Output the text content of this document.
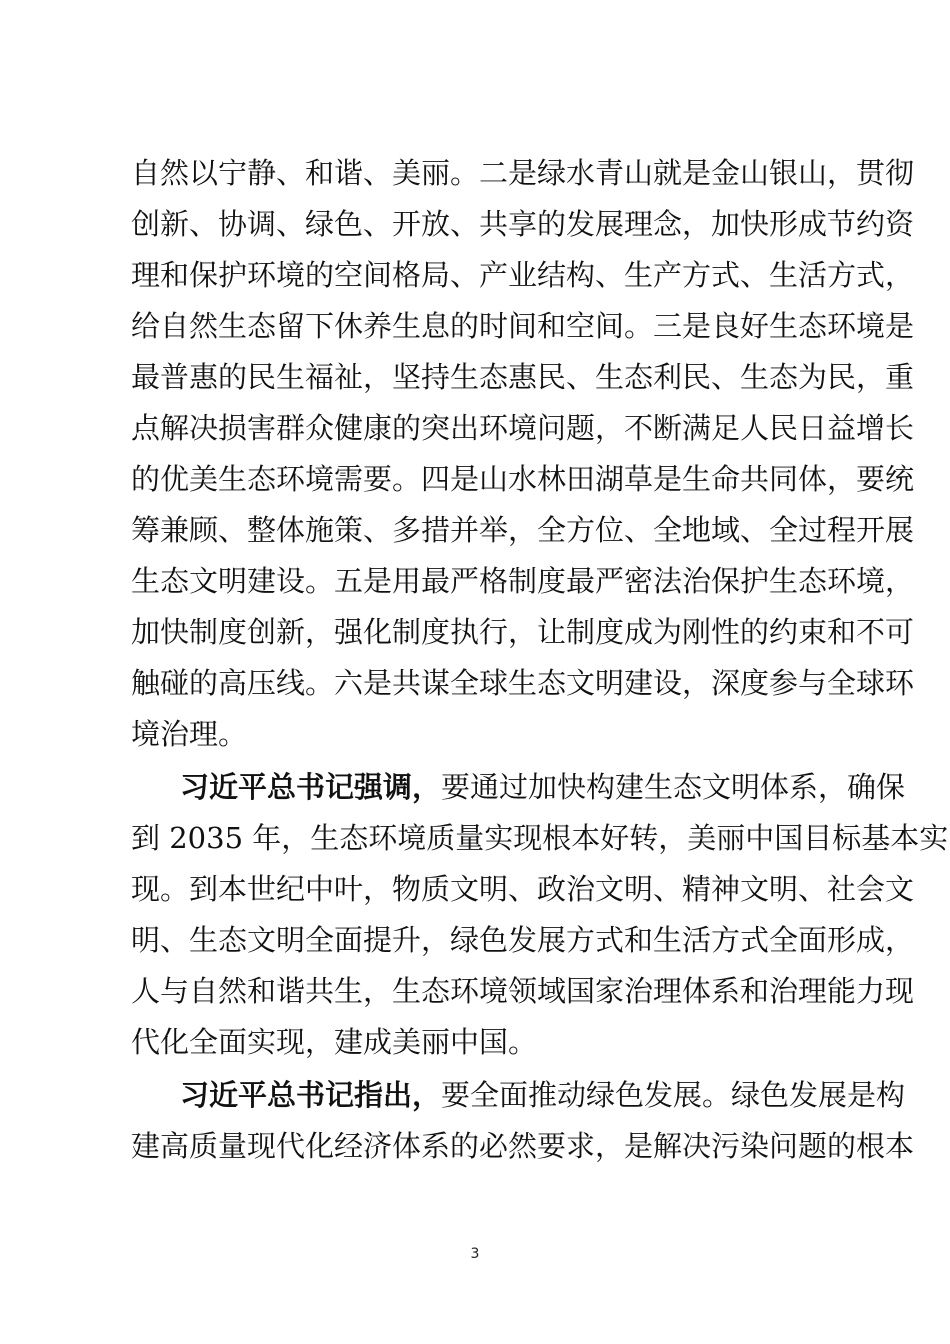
自然以宁静、和谐、美丽。二是绿水青山就是金山银山，贯彻
创新、协调、绿色、开放、共享的发展理念，加快形成节约资
理和保护环境的空间格局、产业结构、生产方式、生活方式，
给自然生态留下休养生息的时间和空间。三是良好生态环境是
最普惠的民生福祉，坚持生态惠民、生态利民、生态为民，重
点解决损害群众健康的突出环境问题，不断满足人民日益增长
的优美生态环境需要。四是山水林田湖草是生命共同体，要统
筹兼顾、整体施策、多措并举，全方位、全地域、全过程开展
生态文明建设。五是用最严格制度最严密法治保护生态环境，
加快制度创新，强化制度执行，让制度成为刚性的约束和不可
触碰的高压线。六是共谋全球生态文明建设，深度参与全球环
境治理。
习近平总书记强调，要通过加快构建生态文明体系，确保
到 2035 年，生态环境质量实现根本好转，美丽中国目标基本实
现。到本世纪中叶，物质文明、政治文明、精神文明、社会文
明、生态文明全面提升，绿色发展方式和生活方式全面形成，
人与自然和谐共生，生态环境领域国家治理体系和治理能力现
代化全面实现，建成美丽中国。
习近平总书记指出，要全面推动绿色发展。绿色发展是构
建高质量现代化经济体系的必然要求，是解决污染问题的根本
3
